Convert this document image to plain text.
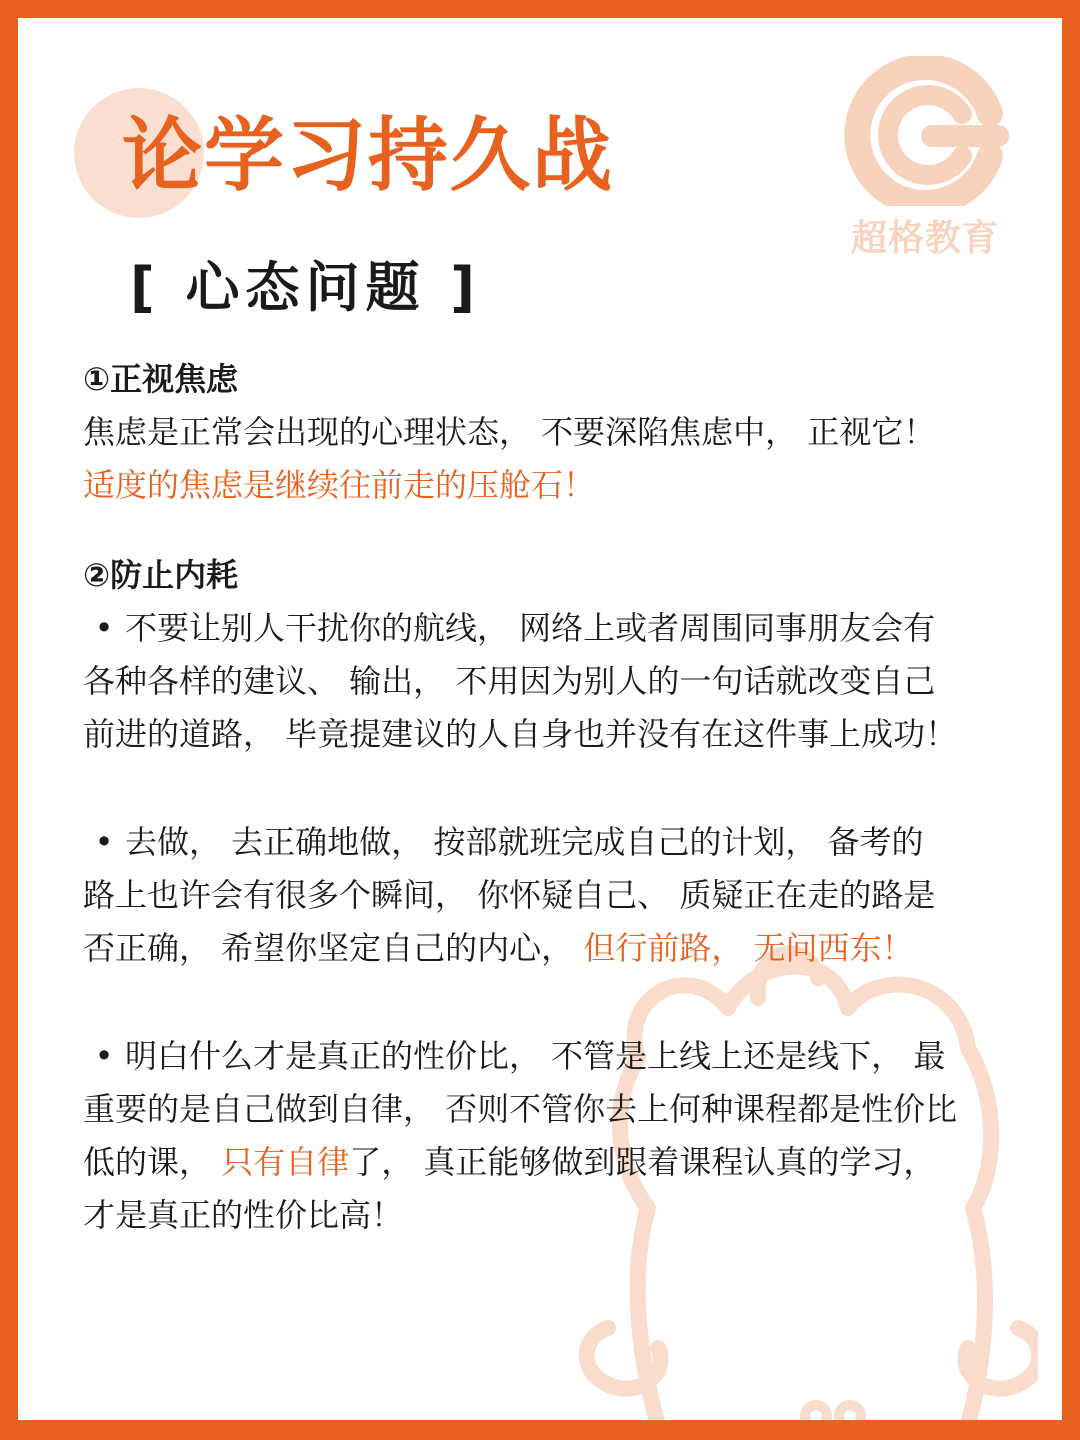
超格教育
论学习持久战
[ 心态问题 ]
①正视焦虑

焦虑是正常会出现的心理状态， 不要深陷焦虑中， 正视它！

适度的焦虑是继续往前走的压舱石！

②防止内耗

• 不要让别人干扰你的航线， 网络上或者周围同事朋友会有

各种各样的建议、 输出， 不用因为别人的一句话就改变自己

前进的道路， 毕竟提建议的人自身也并没有在这件事上成功！

• 去做， 去正确地做， 按部就班完成自己的计划， 备考的

路上也许会有很多个瞬间， 你怀疑自己、 质疑正在走的路是

否正确， 希望你坚定自己的内心， 但行前路， 无问西东！

• 明白什么才是真正的性价比， 不管是上线上还是线下， 最

重要的是自己做到自律， 否则不管你去上何种课程都是性价比

低的课， 只有自律了， 真正能够做到跟着课程认真的学习，

才是真正的性价比高！
